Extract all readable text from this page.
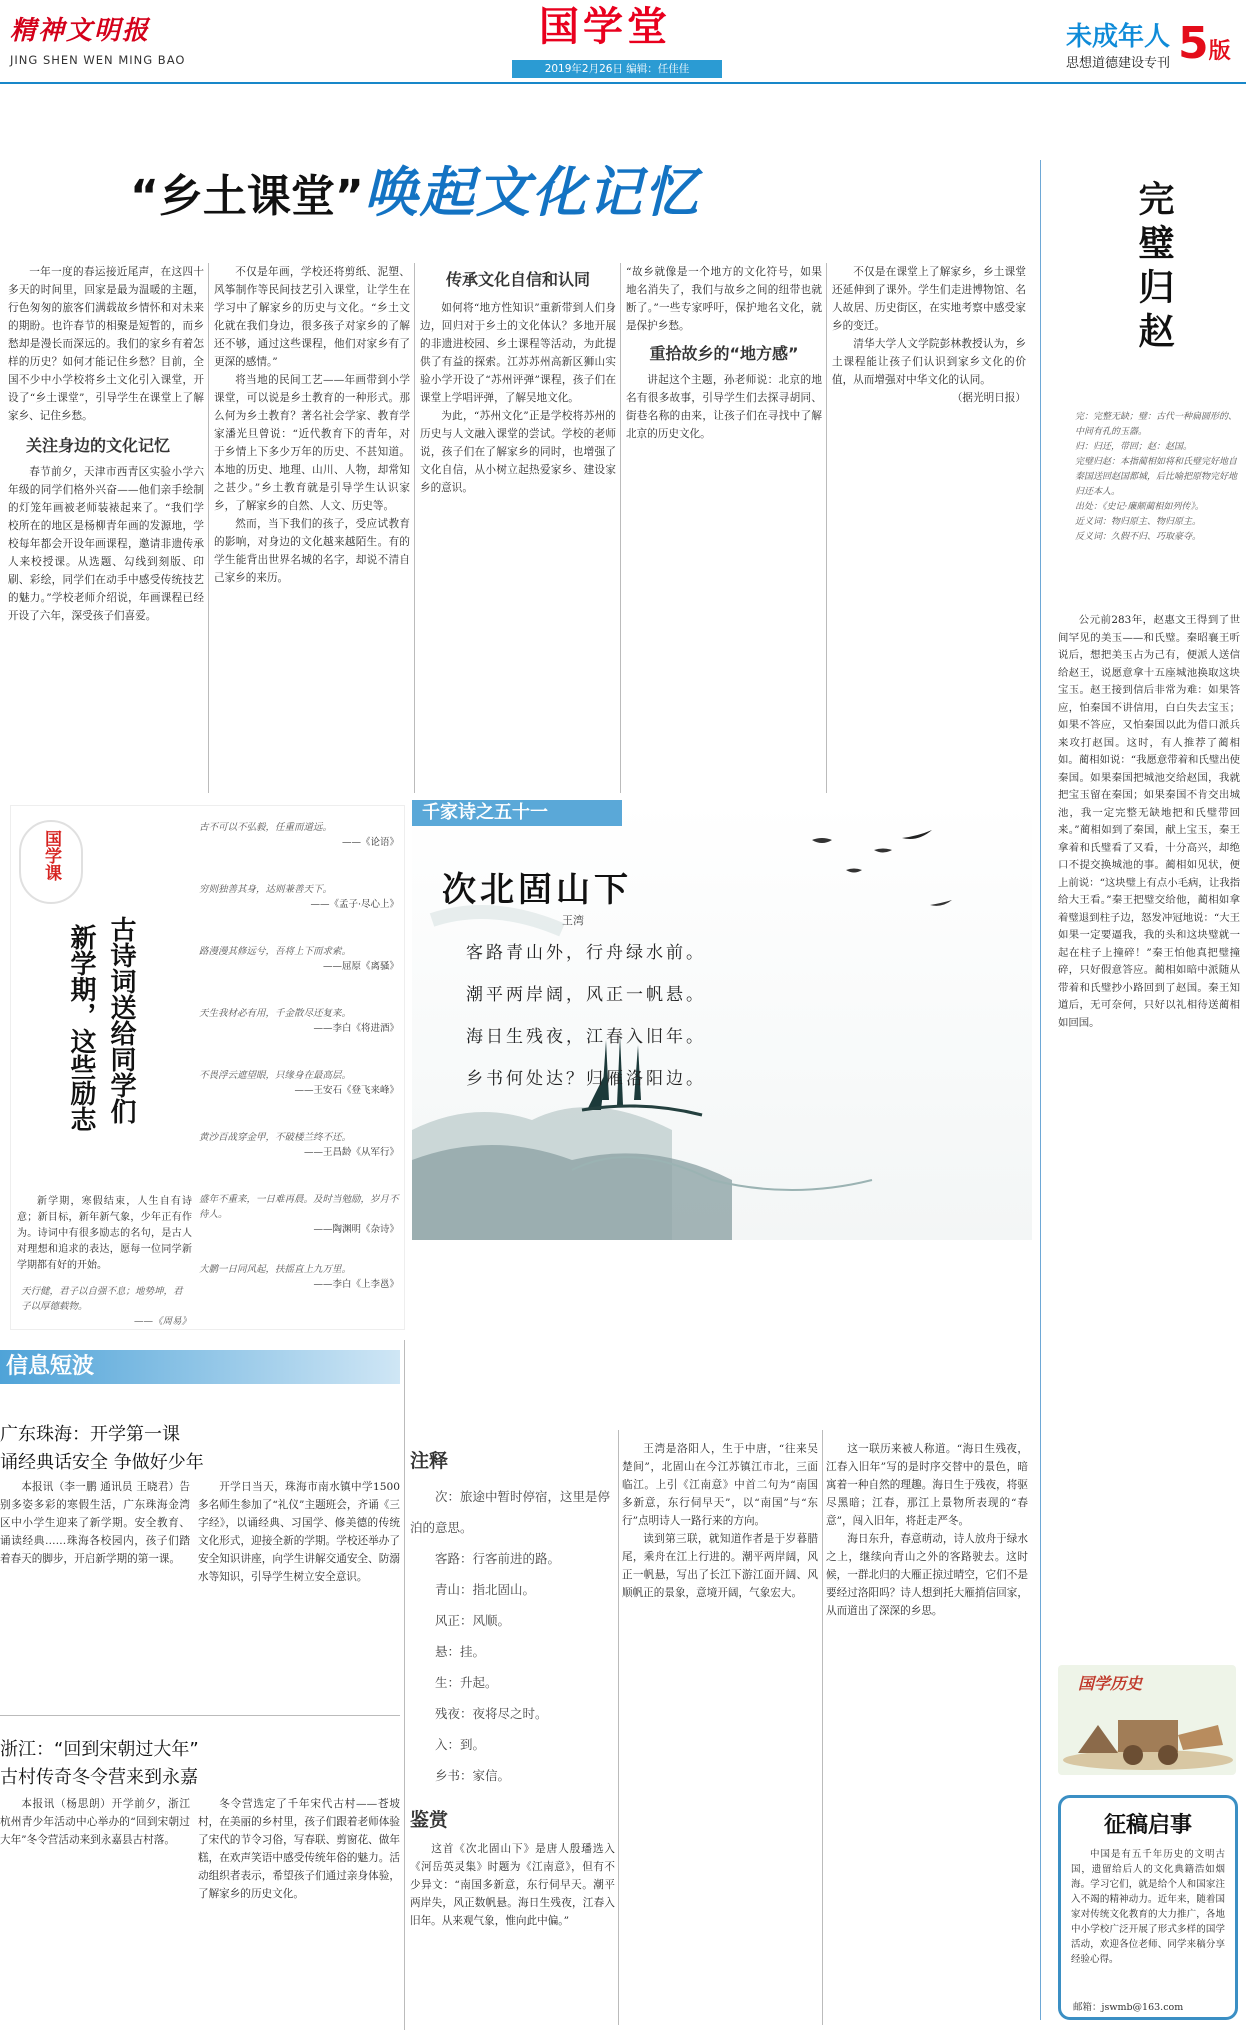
精神文明报
JING SHEN WEN MING BAO
国学堂
2019年2月26日 编辑：任佳佳
未成年人
思想道德建设专刊 5版
“乡土课堂”唤起文化记忆

一年一度的春运接近尾声，在这四十多天的时间里，回家是最为温暖的主题，行色匆匆的旅客们满载故乡情怀和对未来的期盼。也许春节的相聚是短暂的，而乡愁却是漫长而深远的。我们的家乡有着怎样的历史？如何才能记住乡愁？目前，全国不少中小学校将乡土文化引入课堂，开设了“乡土课堂”，引导学生在课堂上了解家乡、记住乡愁。

关注身边的文化记忆

春节前夕，天津市西青区实验小学六年级的同学们格外兴奋——他们亲手绘制的灯笼年画被老师装裱起来了。“我们学校所在的地区是杨柳青年画的发源地，学校每年都会开设年画课程，邀请非遗传承人来校授课。从选题、勾线到刻版、印刷、彩绘，同学们在动手中感受传统技艺的魅力。”学校老师介绍说，年画课程已经开设了六年，深受孩子们喜爱。

不仅是年画，学校还将剪纸、泥塑、风筝制作等民间技艺引入课堂，让学生在学习中了解家乡的历史与文化。“乡土文化就在我们身边，很多孩子对家乡的了解还不够，通过这些课程，他们对家乡有了更深的感情。”

将当地的民间工艺——年画带到小学课堂，可以说是乡土教育的一种形式。那么何为乡土教育？著名社会学家、教育学家潘光旦曾说：“近代教育下的青年，对于乡情上下多少万年的历史、不甚知道。本地的历史、地理、山川、人物，却常知之甚少。”乡土教育就是引导学生认识家乡，了解家乡的自然、人文、历史等。

然而，当下我们的孩子，受应试教育的影响，对身边的文化越来越陌生。有的学生能背出世界名城的名字，却说不清自己家乡的来历。

传承文化自信和认同

如何将“地方性知识”重新带到人们身边，回归对于乡土的文化体认？多地开展的非遗进校园、乡土课程等活动，为此提供了有益的探索。江苏苏州高新区狮山实验小学开设了“苏州评弹”课程，孩子们在课堂上学唱评弹，了解吴地文化。

为此，“苏州文化”正是学校将苏州的历史与人文融入课堂的尝试。学校的老师说，孩子们在了解家乡的同时，也增强了文化自信，从小树立起热爱家乡、建设家乡的意识。

“故乡就像是一个地方的文化符号，如果地名消失了，我们与故乡之间的纽带也就断了。”一些专家呼吁，保护地名文化，就是保护乡愁。

重拾故乡的“地方感”

讲起这个主题，孙老师说：北京的地名有很多故事，引导学生们去探寻胡同、街巷名称的由来，让孩子们在寻找中了解北京的历史文化。

不仅是在课堂上了解家乡，乡土课堂还延伸到了课外。学生们走进博物馆、名人故居、历史街区，在实地考察中感受家乡的变迁。

清华大学人文学院彭林教授认为，乡土课程能让孩子们认识到家乡文化的价值，从而增强对中华文化的认同。

（据光明日报）
完璧归赵
完：完整无缺；璧：古代一种扁圆形的、中间有孔的玉器。
归：归还，带回；赵：赵国。
完璧归赵：本指蔺相如将和氏璧完好地自秦国送回赵国都城，后比喻把原物完好地归还本人。
出处：《史记·廉颇蔺相如列传》。
近义词：物归原主、物归原主。
反义词：久假不归、巧取豪夺。

公元前283年，赵惠文王得到了世间罕见的美玉——和氏璧。秦昭襄王听说后，想把美玉占为己有，便派人送信给赵王，说愿意拿十五座城池换取这块宝玉。赵王接到信后非常为难：如果答应，怕秦国不讲信用，白白失去宝玉；如果不答应，又怕秦国以此为借口派兵来攻打赵国。这时，有人推荐了蔺相如。蔺相如说：“我愿意带着和氏璧出使秦国。如果秦国把城池交给赵国，我就把宝玉留在秦国；如果秦国不肯交出城池，我一定完整无缺地把和氏璧带回来。”蔺相如到了秦国，献上宝玉，秦王拿着和氏璧看了又看，十分高兴，却绝口不提交换城池的事。蔺相如见状，便上前说：“这块璧上有点小毛病，让我指给大王看。”秦王把璧交给他，蔺相如拿着璧退到柱子边，怒发冲冠地说：“大王如果一定要逼我，我的头和这块璧就一起在柱子上撞碎！”秦王怕他真把璧撞碎，只好假意答应。蔺相如暗中派随从带着和氏璧抄小路回到了赵国。秦王知道后，无可奈何，只好以礼相待送蔺相如回国。

国学历史
征稿启事

中国是有五千年历史的文明古国，遗留给后人的文化典籍浩如烟海。学习它们，就是给个人和国家注入不竭的精神动力。近年来，随着国家对传统文化教育的大力推广，各地中小学校广泛开展了形式多样的国学活动，欢迎各位老师、同学来稿分享经验心得。

邮箱：jswmb@163.com
国学课
古诗词送给同学们
新学期，这些励志

新学期，寒假结束，人生自有诗意；新目标，新年新气象，少年正有作为。诗词中有很多励志的名句，是古人对理想和追求的表达，愿每一位同学新学期都有好的开始。

天行健，君子以自强不息；地势坤，君子以厚德载物。
——《周易》
古不可以不弘毅，任重而道远。
——《论语》
穷则独善其身，达则兼善天下。
——《孟子·尽心上》
路漫漫其修远兮，吾将上下而求索。
——屈原《离骚》
天生我材必有用，千金散尽还复来。
——李白《将进酒》
不畏浮云遮望眼，只缘身在最高层。
——王安石《登飞来峰》
黄沙百战穿金甲，不破楼兰终不还。
——王昌龄《从军行》
盛年不重来，一日难再晨。及时当勉励，岁月不待人。
——陶渊明《杂诗》
大鹏一日同风起，扶摇直上九万里。
——李白《上李邕》
千家诗之五十一
次北固山下
王湾
客路青山外，行舟绿水前。
潮平两岸阔，风正一帆悬。
海日生残夜，江春入旧年。
乡书何处达？归雁洛阳边。
注释
次：旅途中暂时停宿，这里是停泊的意思。
客路：行客前进的路。
青山：指北固山。
风正：风顺。
悬：挂。
生：升起。
残夜：夜将尽之时。
入：到。
乡书：家信。
鉴赏

这首《次北固山下》是唐人殷璠选入《河岳英灵集》时题为《江南意》，但有不少异文：“南国多新意，东行伺早天。潮平两岸失，风正数帆悬。海日生残夜，江春入旧年。从来观气象，惟向此中偏。”

王湾是洛阳人，生于中唐，“往来吴楚间”，北固山在今江苏镇江市北，三面临江。上引《江南意》中首二句为“南国多新意，东行伺早天”，以“南国”与“东行”点明诗人一路行来的方向。

读到第三联，就知道作者是于岁暮腊尾，乘舟在江上行进的。潮平两岸阔，风正一帆悬，写出了长江下游江面开阔、风顺帆正的景象，意境开阔，气象宏大。

这一联历来被人称道。“海日生残夜，江春入旧年”写的是时序交替中的景色，暗寓着一种自然的理趣。海日生于残夜，将驱尽黑暗；江春，那江上景物所表现的“春意”，闯入旧年，将赶走严冬。

海日东升，春意萌动，诗人放舟于绿水之上，继续向青山之外的客路驶去。这时候，一群北归的大雁正掠过晴空，它们不是要经过洛阳吗？诗人想到托大雁捎信回家，从而道出了深深的乡思。

信息短波
广东珠海：开学第一课
诵经典话安全 争做好少年

本报讯（李一鹏 通讯员 王晓君）告别多姿多彩的寒假生活，广东珠海金湾区中小学生迎来了新学期。安全教育、诵读经典……珠海各校园内，孩子们踏着春天的脚步，开启新学期的第一课。

开学日当天，珠海市南水镇中学1500多名师生参加了“礼仪”主题班会，齐诵《三字经》，以诵经典、习国学、修美德的传统文化形式，迎接全新的学期。学校还举办了安全知识讲座，向学生讲解交通安全、防溺水等知识，引导学生树立安全意识。

浙江：“回到宋朝过大年”
古村传奇冬令营来到永嘉

本报讯（杨思朗）开学前夕，浙江杭州青少年活动中心举办的“回到宋朝过大年”冬令营活动来到永嘉县古村落。

冬令营选定了千年宋代古村——苍坡村，在美丽的乡村里，孩子们跟着老师体验了宋代的节令习俗，写春联、剪窗花、做年糕，在欢声笑语中感受传统年俗的魅力。活动组织者表示，希望孩子们通过亲身体验，了解家乡的历史文化。
